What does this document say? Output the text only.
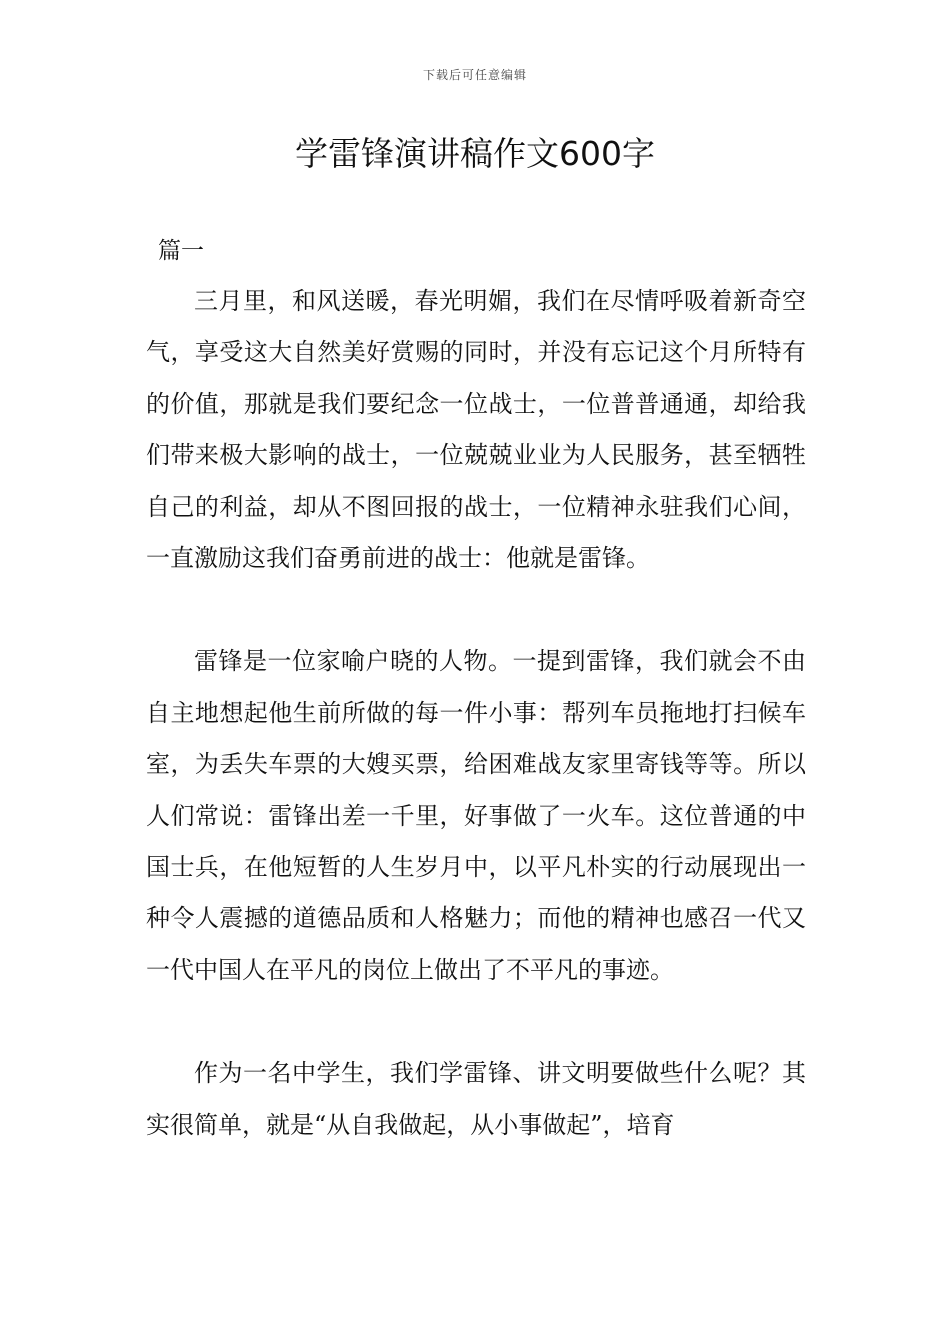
下载后可任意编辑
学雷锋演讲稿作文600字

篇一

三月里，和风送暖，春光明媚，我们在尽情呼吸着新奇空气，享受这大自然美好赏赐的同时，并没有忘记这个月所特有的价值，那就是我们要纪念一位战士，一位普普通通，却给我们带来极大影响的战士，一位兢兢业业为人民服务，甚至牺牲自己的利益，却从不图回报的战士，一位精神永驻我们心间，一直激励这我们奋勇前进的战士：他就是雷锋。

雷锋是一位家喻户晓的人物。一提到雷锋，我们就会不由自主地想起他生前所做的每一件小事：帮列车员拖地打扫候车室，为丢失车票的大嫂买票，给困难战友家里寄钱等等。所以人们常说：雷锋出差一千里，好事做了一火车。这位普通的中国士兵，在他短暂的人生岁月中，以平凡朴实的行动展现出一种令人震撼的道德品质和人格魅力；而他的精神也感召一代又一代中国人在平凡的岗位上做出了不平凡的事迹。

作为一名中学生，我们学雷锋、讲文明要做些什么呢？其实很简单，就是“从自我做起，从小事做起”，培育
